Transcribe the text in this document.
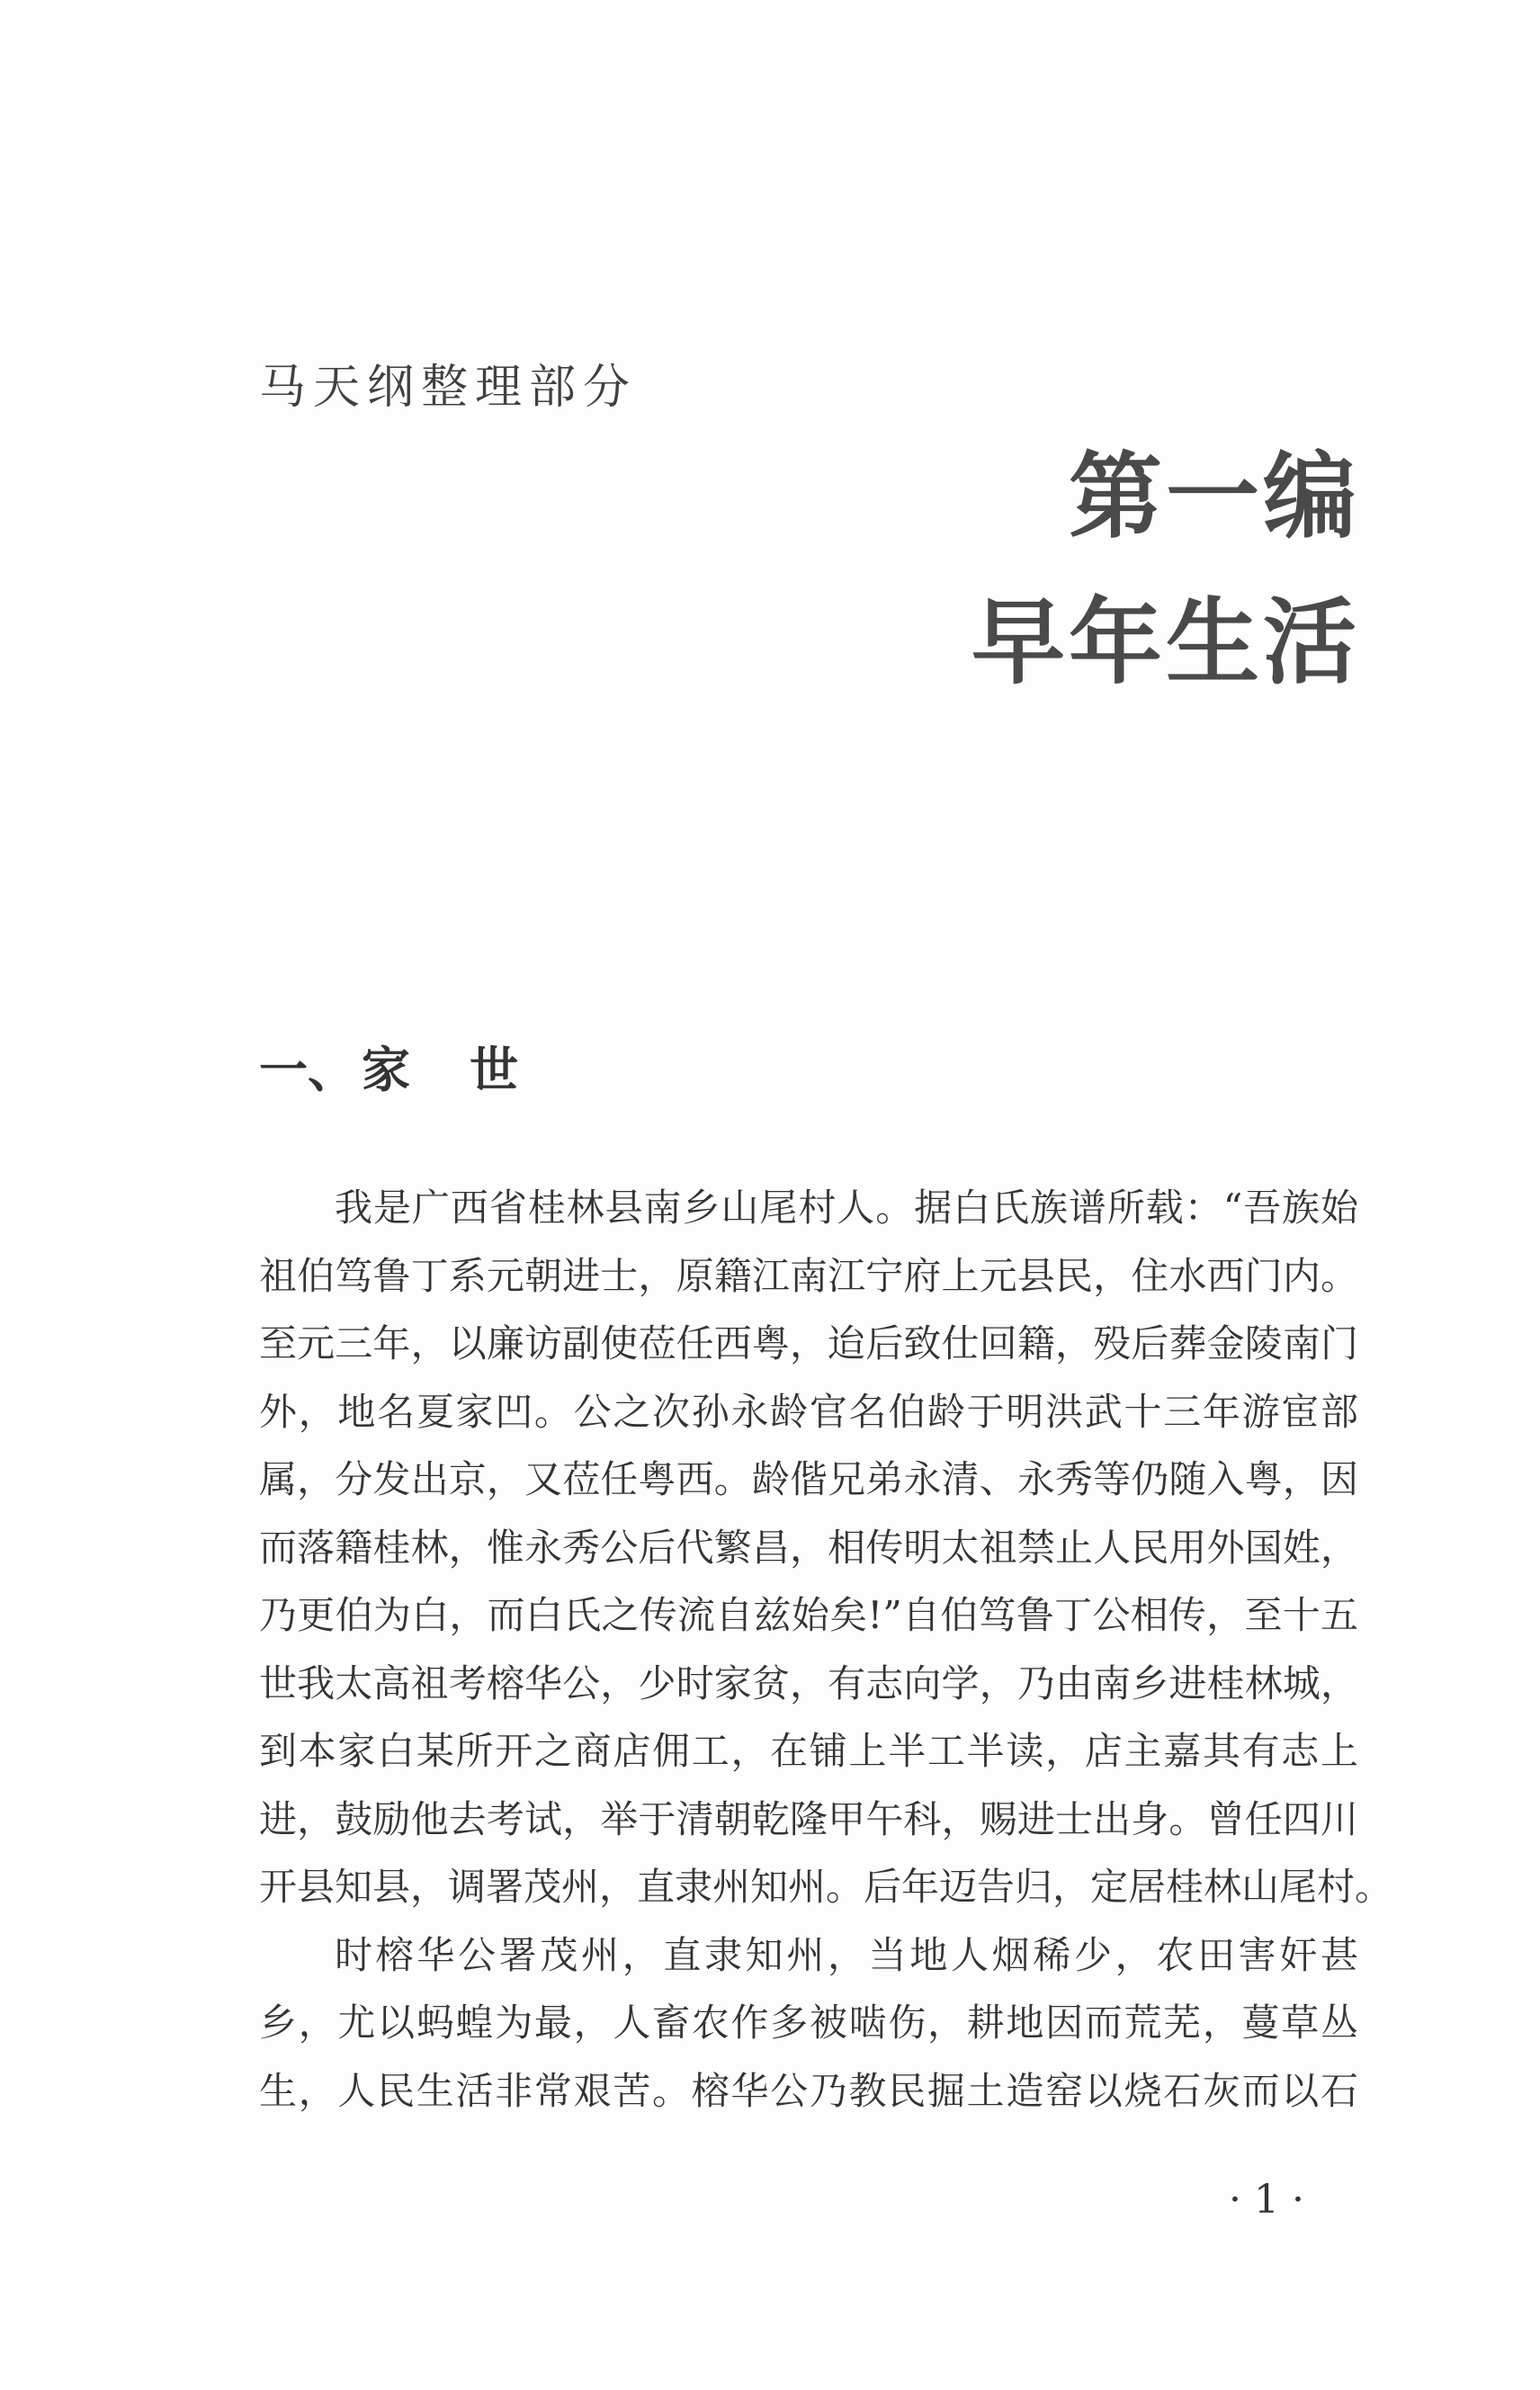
马天纲整理部分
第一编
早年生活
一、 家 世
我是广西省桂林县南乡山尾村人。据白氏族谱所载：“吾族始
祖伯笃鲁丁系元朝进士，原籍江南江宁府上元县民，住水西门内。
至元三年，以廉访副使莅任西粤，迨后致仕回籍，殁后葬金陵南门
外，地名夏家凹。公之次孙永龄官名伯龄于明洪武十三年游宦部
属，分发出京，又莅任粤西。龄偕兄弟永清、永秀等仍随入粤，因
而落籍桂林，惟永秀公后代繁昌，相传明太祖禁止人民用外国姓，
乃更伯为白，而白氏之传流自兹始矣!”自伯笃鲁丁公相传，至十五
世我太高祖考榕华公，少时家贫，有志向学，乃由南乡进桂林城，
到本家白某所开之商店佣工，在铺上半工半读，店主嘉其有志上
进，鼓励他去考试，举于清朝乾隆甲午科，赐进士出身。曾任四川
开县知县，调署茂州，直隶州知州。后年迈告归，定居桂林山尾村。
时榕华公署茂州，直隶知州，当地人烟稀少，农田害奸甚
乡，尤以蚂蝗为最，人畜农作多被啮伤，耕地因而荒芜，蔓草丛
生，人民生活非常艰苦。榕华公乃教民掘土造窑以烧石灰而以石
· 1 ·
